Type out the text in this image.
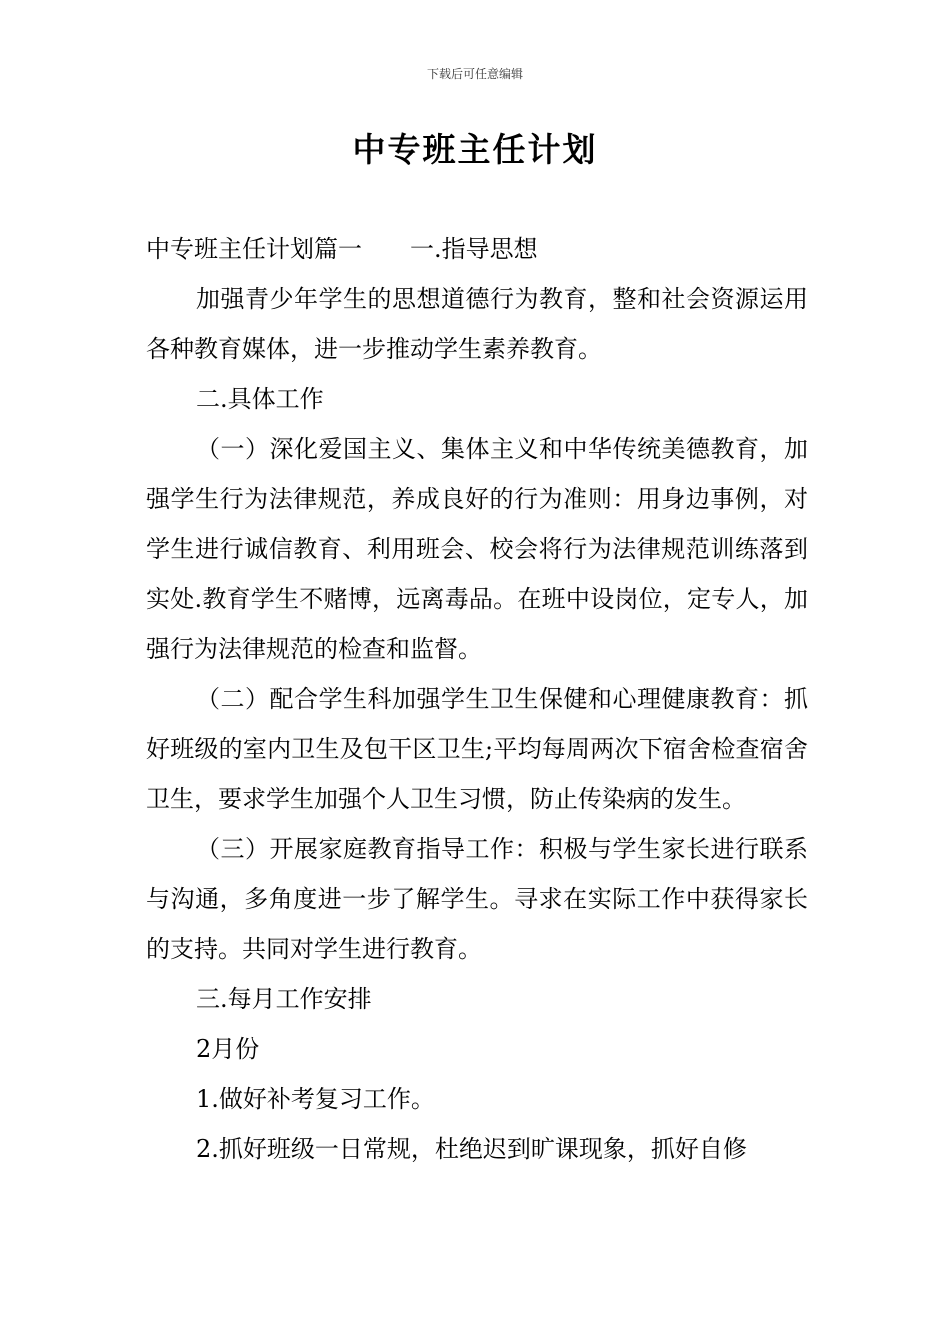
下载后可任意编辑
中专班主任计划

中专班主任计划篇一　　一.指导思想

加强青少年学生的思想道德行为教育，整和社会资源运用各种教育媒体，进一步推动学生素养教育。

二.具体工作

（一）深化爱国主义、集体主义和中华传统美德教育，加强学生行为法律规范，养成良好的行为准则：用身边事例，对学生进行诚信教育、利用班会、校会将行为法律规范训练落到实处.教育学生不赌博，远离毒品。在班中设岗位，定专人，加强行为法律规范的检查和监督。

（二）配合学生科加强学生卫生保健和心理健康教育：抓好班级的室内卫生及包干区卫生;平均每周两次下宿舍检查宿舍卫生，要求学生加强个人卫生习惯，防止传染病的发生。

（三）开展家庭教育指导工作：积极与学生家长进行联系与沟通，多角度进一步了解学生。寻求在实际工作中获得家长的支持。共同对学生进行教育。

三.每月工作安排

2月份

1.做好补考复习工作。

2.抓好班级一日常规，杜绝迟到旷课现象，抓好自修
